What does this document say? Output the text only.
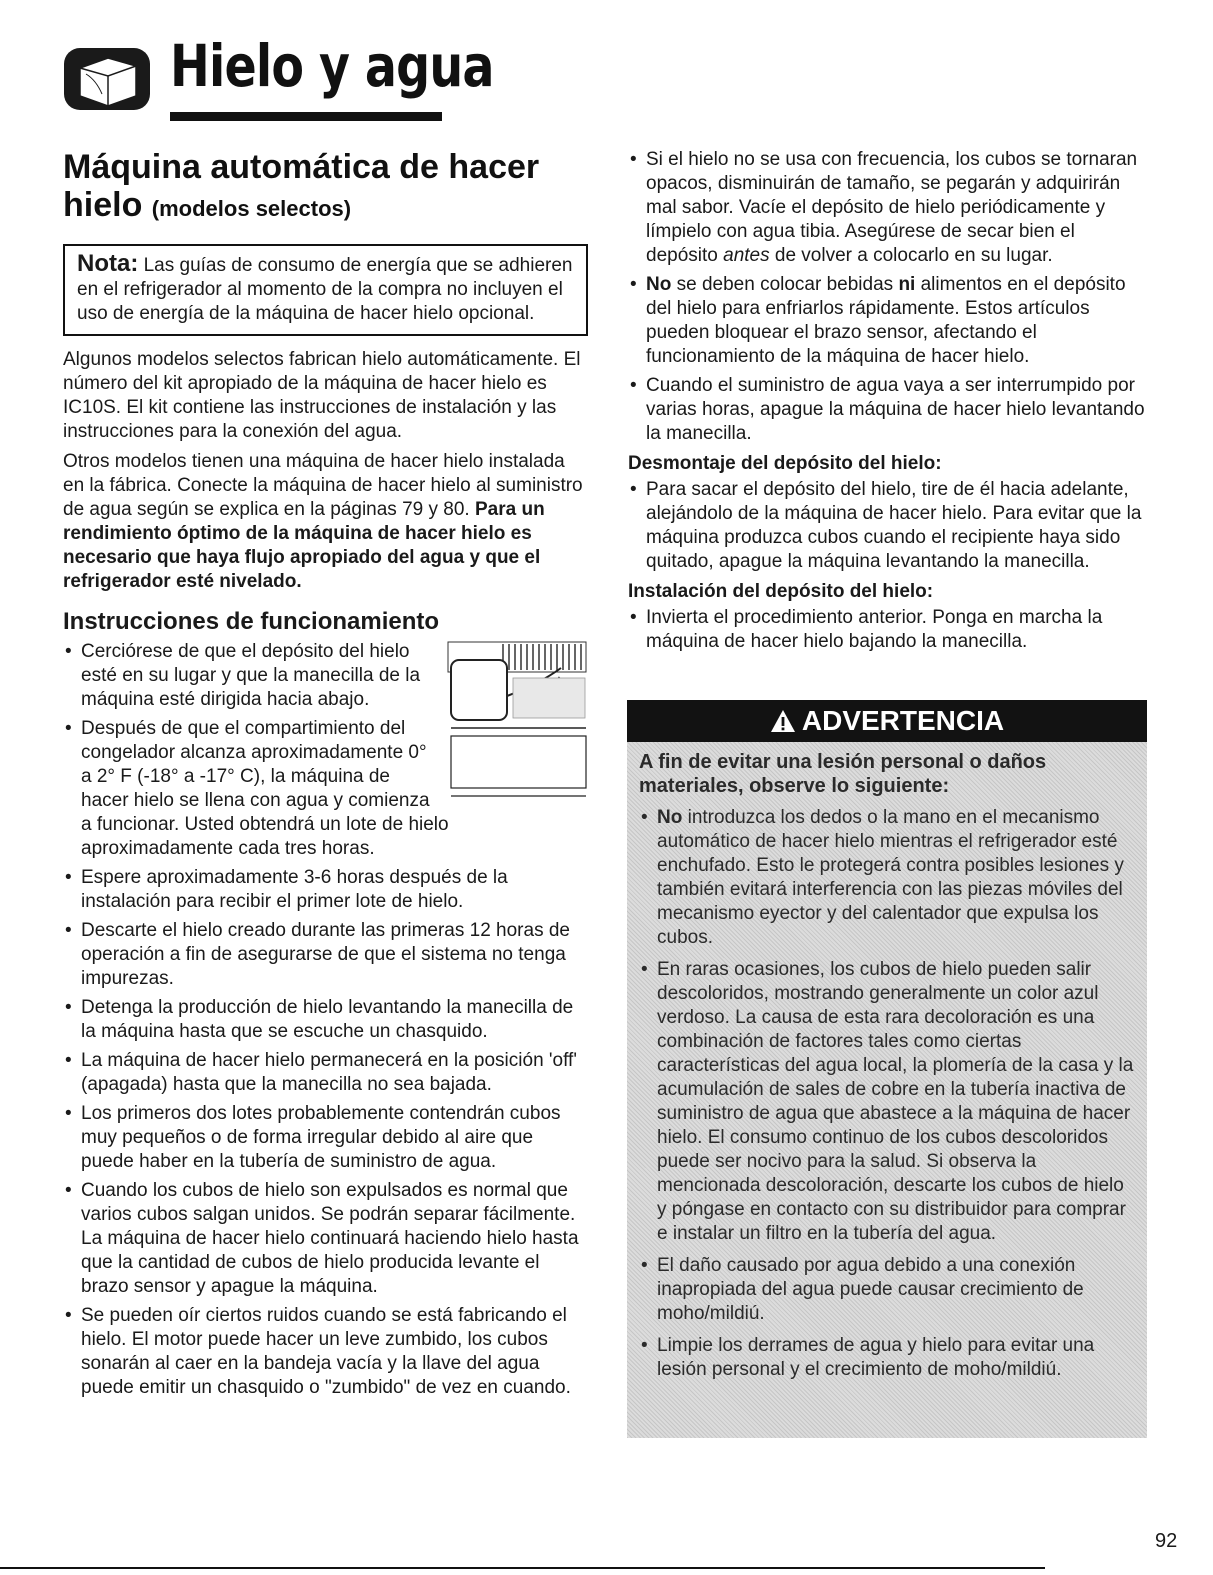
Hielo y agua
Máquina automática de hacer hielo (modelos selectos)
Nota: Las guías de consumo de energía que se adhieren en el refrigerador al momento de la compra no incluyen el uso de energía de la máquina de hacer hielo opcional.

Algunos modelos selectos fabrican hielo automáticamente. El número del kit apropiado de la máquina de hacer hielo es IC10S. El kit contiene las instrucciones de instalación y las instrucciones para la conexión del agua.

Otros modelos tienen una máquina de hacer hielo instalada en la fábrica. Conecte la máquina de hacer hielo al suministro de agua según se explica en la páginas 79 y 80. Para un rendimiento óptimo de la máquina de hacer hielo es necesario que haya flujo apropiado del agua y que el refrigerador esté nivelado.

Instrucciones de funcionamiento
• Cerciórese de que el depósito del hielo esté en su lugar y que la manecilla de la máquina esté dirigida hacia abajo.
• Después de que el compartimiento del congelador alcanza aproximadamente 0° a 2° F (-18° a -17° C), la máquina de hacer hielo se llena con agua y comienza a funcionar. Usted obtendrá un lote de hielo aproximadamente cada tres horas.
• Espere aproximadamente 3-6 horas después de la instalación para recibir el primer lote de hielo.
• Descarte el hielo creado durante las primeras 12 horas de operación a fin de asegurarse de que el sistema no tenga impurezas.
• Detenga la producción de hielo levantando la manecilla de la máquina hasta que se escuche un chasquido.
• La máquina de hacer hielo permanecerá en la posición 'off' (apagada) hasta que la manecilla no sea bajada.
• Los primeros dos lotes probablemente contendrán cubos muy pequeños o de forma irregular debido al aire que puede haber en la tubería de suministro de agua.
• Cuando los cubos de hielo son expulsados es normal que varios cubos salgan unidos. Se podrán separar fácilmente. La máquina de hacer hielo continuará haciendo hielo hasta que la cantidad de cubos de hielo producida levante el brazo sensor y apague la máquina.
• Se pueden oír ciertos ruidos cuando se está fabricando el hielo. El motor puede hacer un leve zumbido, los cubos sonarán al caer en la bandeja vacía y la llave del agua puede emitir un chasquido o "zumbido" de vez en cuando.
• Si el hielo no se usa con frecuencia, los cubos se tornaran opacos, disminuirán de tamaño, se pegarán y adquirirán mal sabor. Vacíe el depósito de hielo periódicamente y límpielo con agua tibia. Asegúrese de secar bien el depósito antes de volver a colocarlo en su lugar.
• No se deben colocar bebidas ni alimentos en el depósito del hielo para enfriarlos rápidamente. Estos artículos pueden bloquear el brazo sensor, afectando el funcionamiento de la máquina de hacer hielo.
• Cuando el suministro de agua vaya a ser interrumpido por varias horas, apague la máquina de hacer hielo levantando la manecilla.
Desmontaje del depósito del hielo:
• Para sacar el depósito del hielo, tire de él hacia adelante, alejándolo de la máquina de hacer hielo. Para evitar que la máquina produzca cubos cuando el recipiente haya sido quitado, apague la máquina levantando la manecilla.
Instalación del depósito del hielo:
• Invierta el procedimiento anterior. Ponga en marcha la máquina de hacer hielo bajando la manecilla.
ADVERTENCIA

A fin de evitar una lesión personal o daños materiales, observe lo siguiente:

• No introduzca los dedos o la mano en el mecanismo automático de hacer hielo mientras el refrigerador esté enchufado. Esto le protegerá contra posibles lesiones y también evitará interferencia con las piezas móviles del mecanismo eyector y del calentador que expulsa los cubos.
• En raras ocasiones, los cubos de hielo pueden salir descoloridos, mostrando generalmente un color azul verdoso. La causa de esta rara decoloración es una combinación de factores tales como ciertas características del agua local, la plomería de la casa y la acumulación de sales de cobre en la tubería inactiva de suministro de agua que abastece a la máquina de hacer hielo. El consumo continuo de los cubos descoloridos puede ser nocivo para la salud. Si observa la mencionada descoloración, descarte los cubos de hielo y póngase en contacto con su distribuidor para comprar e instalar un filtro en la tubería del agua.
• El daño causado por agua debido a una conexión inapropiada del agua puede causar crecimiento de moho/mildiú.
• Limpie los derrames de agua y hielo para evitar una lesión personal y el crecimiento de moho/mildiú.
92
